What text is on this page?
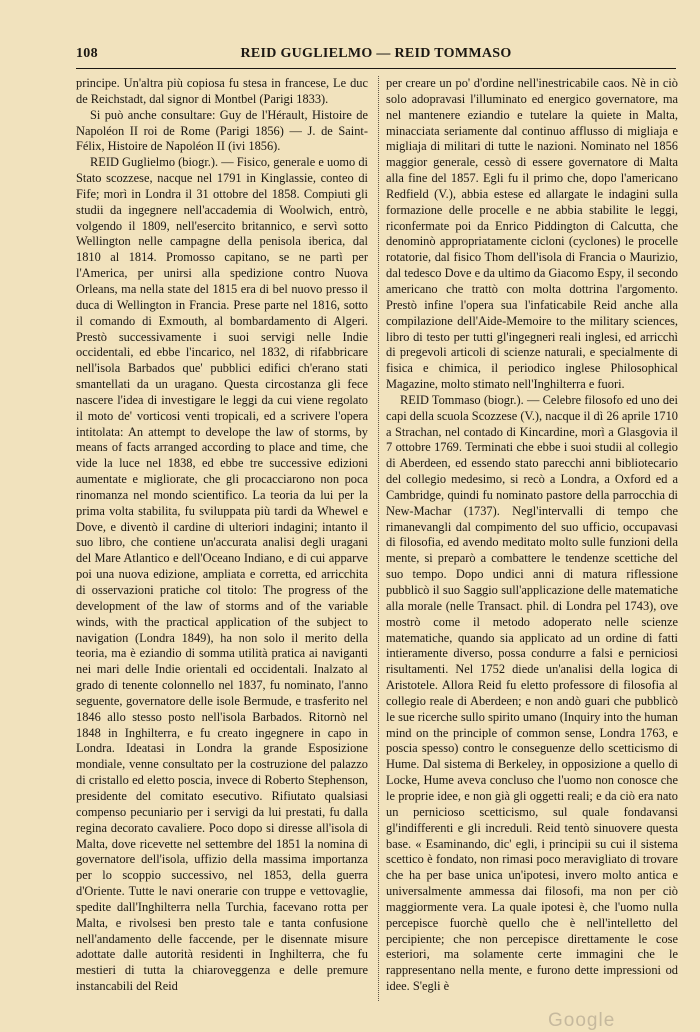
108	REID GUGLIELMO — REID TOMMASO

principe. Un'altra più copiosa fu stesa in francese, Le duc de Reichstadt, dal signor di Montbel (Parigi 1833).

Si può anche consultare: Guy de l'Hérault, Histoire de Napoléon II roi de Rome (Parigi 1856) — J. de Saint-Félix, Histoire de Napoléon II (ivi 1856).

REID Guglielmo (biogr.). — Fisico, generale e uomo di Stato scozzese, nacque nel 1791 in Kinglassie, conteo di Fife; morì in Londra il 31 ottobre del 1858. Compiuti gli studii da ingegnere nell'accademia di Woolwich, entrò, volgendo il 1809, nell'esercito britannico, e servì sotto Wellington nelle campagne della penisola iberica, dal 1810 al 1814. Promosso capitano, se ne partì per l'America, per unirsi alla spedizione contro Nuova Orleans, ma nella state del 1815 era di bel nuovo presso il duca di Wellington in Francia. Prese parte nel 1816, sotto il comando di Exmouth, al bombardamento di Algeri. Prestò successivamente i suoi servigi nelle Indie occidentali, ed ebbe l'incarico, nel 1832, di rifabbricare nell'isola Barbados que' pubblici edifici ch'erano stati smantellati da un uragano. Questa circostanza gli fece nascere l'idea di investigare le leggi da cui viene regolato il moto de' vorticosi venti tropicali, ed a scrivere l'opera intitolata: An attempt to develope the law of storms, by means of facts arranged according to place and time, che vide la luce nel 1838, ed ebbe tre successive edizioni aumentate e migliorate, che gli procacciarono non poca rinomanza nel mondo scientifico. La teoria da lui per la prima volta stabilita, fu sviluppata più tardi da Whewel e Dove, e diventò il cardine di ulteriori indagini; intanto il suo libro, che contiene un'accurata analisi degli uragani del Mare Atlantico e dell'Oceano Indiano, e di cui apparve poi una nuova edizione, ampliata e corretta, ed arricchita di osservazioni pratiche col titolo: The progress of the development of the law of storms and of the variable winds, with the practical application of the subject to navigation (Londra 1849), ha non solo il merito della teoria, ma è eziandio di somma utilità pratica ai naviganti nei mari delle Indie orientali ed occidentali. Inalzato al grado di tenente colonnello nel 1837, fu nominato, l'anno seguente, governatore delle isole Bermude, e trasferito nel 1846 allo stesso posto nell'isola Barbados. Ritornò nel 1848 in Inghilterra, e fu creato ingegnere in capo in Londra. Ideatasi in Londra la grande Esposizione mondiale, venne consultato per la costruzione del palazzo di cristallo ed eletto poscia, invece di Roberto Stephenson, presidente del comitato esecutivo. Rifiutato qualsiasi compenso pecuniario per i servigi da lui prestati, fu dalla regina decorato cavaliere. Poco dopo si diresse all'isola di Malta, dove ricevette nel settembre del 1851 la nomina di governatore dell'isola, uffizio della massima importanza per lo scoppio successivo, nel 1853, della guerra d'Oriente. Tutte le navi onerarie con truppe e vettovaglie, spedite dall'Inghilterra nella Turchia, facevano rotta per Malta, e rivolsesi ben presto tale e tanta confusione nell'andamento delle faccende, per le disennate misure adottate dalle autorità residenti in Inghilterra, che fu mestieri di tutta la chiaroveggenza e delle premure instancabili del Reid

per creare un po' d'ordine nell'inestricabile caos. Nè in ciò solo adopravasi l'illuminato ed energico governatore, ma nel mantenere eziandio e tutelare la quiete in Malta, minacciata seriamente dal continuo afflusso di migliaja e migliaja di militari di tutte le nazioni. Nominato nel 1856 maggior generale, cessò di essere governatore di Malta alla fine del 1857. Egli fu il primo che, dopo l'americano Redfield (V.), abbia estese ed allargate le indagini sulla formazione delle procelle e ne abbia stabilite le leggi, riconfermate poi da Enrico Piddington di Calcutta, che denominò appropriatamente cicloni (cyclones) le procelle rotatorie, dal fisico Thom dell'isola di Francia o Maurizio, dal tedesco Dove e da ultimo da Giacomo Espy, il secondo americano che trattò con molta dottrina l'argomento. Prestò infine l'opera sua l'infaticabile Reid anche alla compilazione dell'Aide-Memoire to the military sciences, libro di testo per tutti gl'ingegneri reali inglesi, ed arricchì di pregevoli articoli di scienze naturali, e specialmente di fisica e chimica, il periodico inglese Philosophical Magazine, molto stimato nell'Inghilterra e fuori.

REID Tommaso (biogr.). — Celebre filosofo ed uno dei capi della scuola Scozzese (V.), nacque il dì 26 aprile 1710 a Strachan, nel contado di Kincardine, morì a Glasgovia il 7 ottobre 1769. Terminati che ebbe i suoi studii al collegio di Aberdeen, ed essendo stato parecchi anni bibliotecario del collegio medesimo, si recò a Londra, a Oxford ed a Cambridge, quindi fu nominato pastore della parrocchia di New-Machar (1737). Negl'intervalli di tempo che rimanevangli dal compimento del suo ufficio, occupavasi di filosofia, ed avendo meditato molto sulle funzioni della mente, si preparò a combattere le tendenze scettiche del suo tempo. Dopo undici anni di matura riflessione pubblicò il suo Saggio sull'applicazione delle matematiche alla morale (nelle Transact. phil. di Londra pel 1743), ove mostrò come il metodo adoperato nelle scienze matematiche, quando sia applicato ad un ordine di fatti intieramente diverso, possa condurre a falsi e perniciosi risultamenti. Nel 1752 diede un'analisi della logica di Aristotele. Allora Reid fu eletto professore di filosofia al collegio reale di Aberdeen; e non andò guari che pubblicò le sue ricerche sullo spirito umano (Inquiry into the human mind on the principle of common sense, Londra 1763, e poscia spesso) contro le conseguenze dello scetticismo di Hume. Dal sistema di Berkeley, in opposizione a quello di Locke, Hume aveva concluso che l'uomo non conosce che le proprie idee, e non già gli oggetti reali; e da ciò era nato un pernicioso scetticismo, sul quale fondavansi gl'indifferenti e gli increduli. Reid tentò sinuovere questa base. « Esaminando, dic' egli, i principii su cui il sistema scettico è fondato, non rimasi poco meravigliato di trovare che ha per base unica un'ipotesi, invero molto antica e universalmente ammessa dai filosofi, ma non per ciò maggiormente vera. La quale ipotesi è, che l'uomo nulla percepisce fuorchè quello che è nell'intelletto del percipiente; che non percepisce direttamente le cose esteriori, ma solamente certe immagini che le rappresentano nella mente, e furono dette impressioni od idee. S'egli è

Google
